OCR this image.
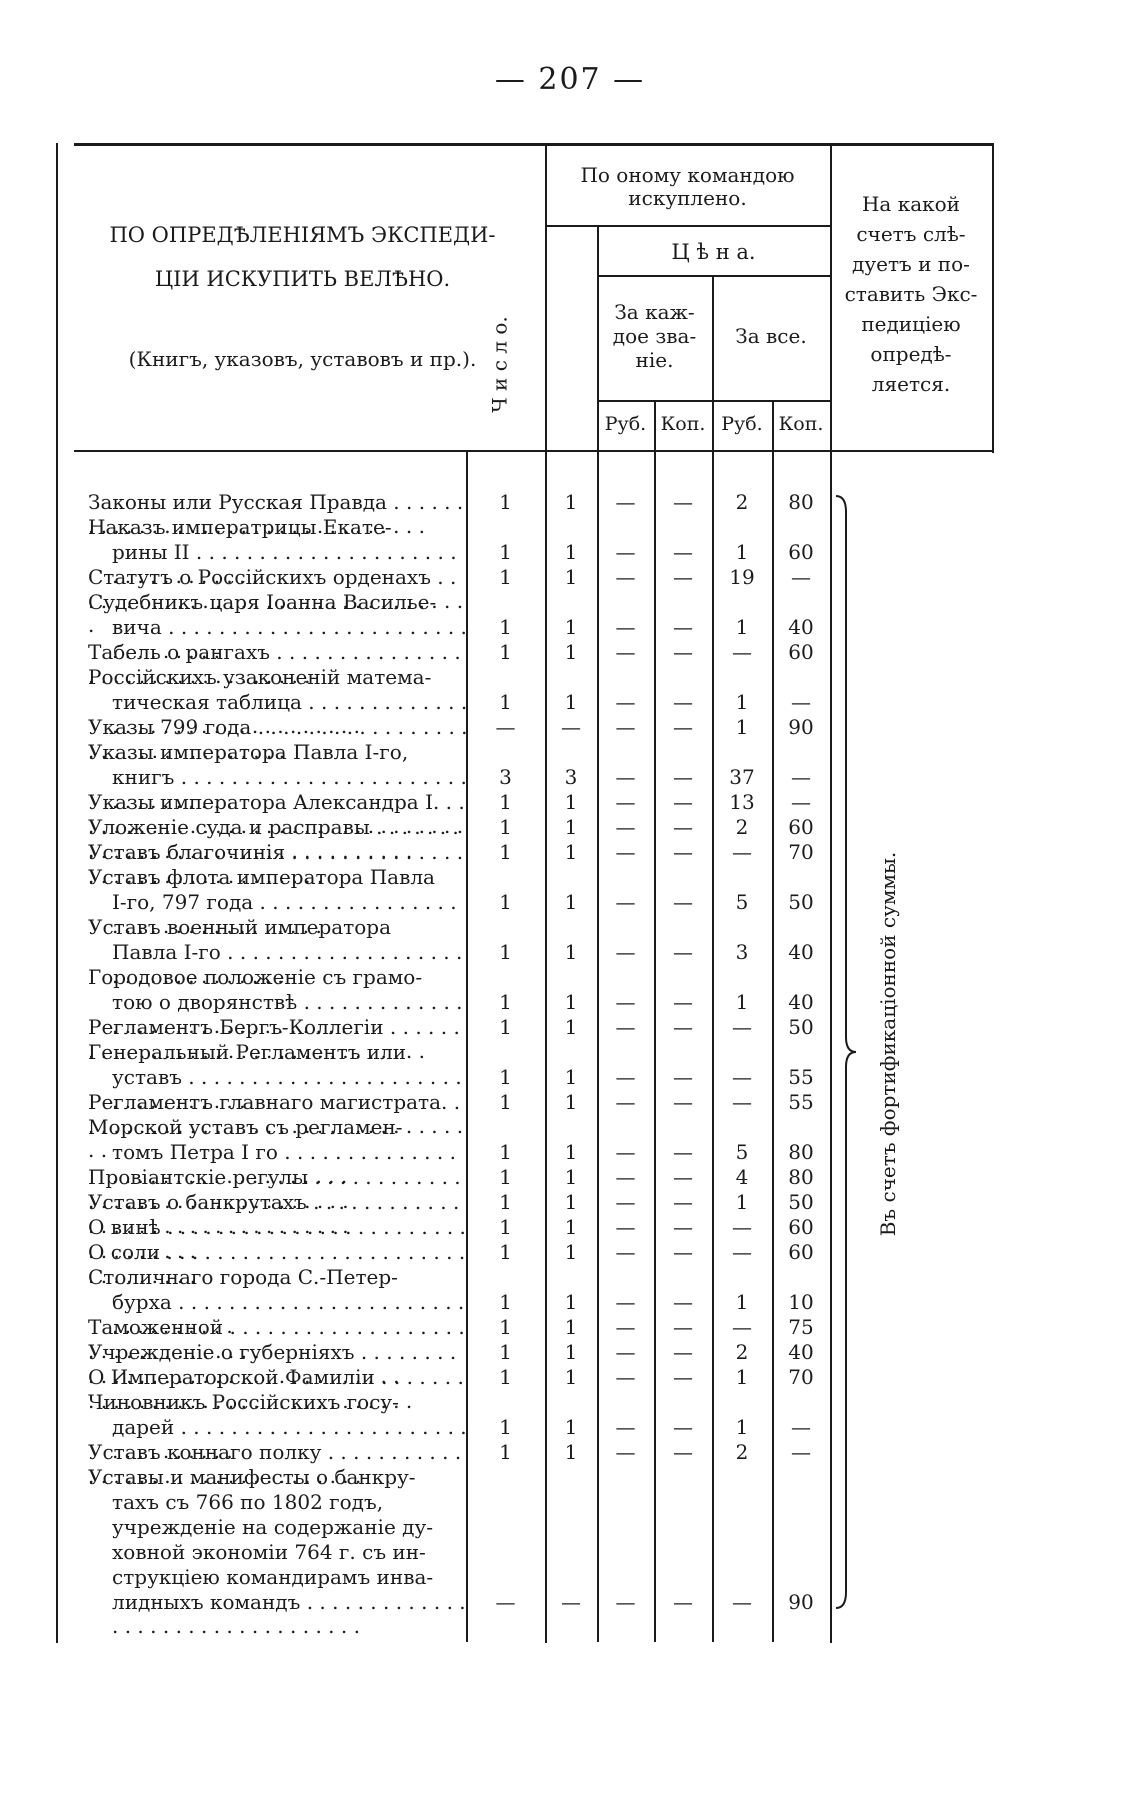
— 207 —
ПО ОПРЕДѢЛЕНІЯМЪ ЭКСПЕДИ-
ЦІИ ИСКУПИТЬ ВЕЛѢНО.
(Книгъ, указовъ, уставовъ и пр.).
По оному командою
искуплено.
Ч и с л о.
Ц ѣ н а.
За каж-
дое зва-
ніе.
За все.
Руб. Коп. Руб. Коп.
На какой
счетъ слѣ-
дуетъ и по-
ставить Экс-
педиціею
опредѣ-
ляется.
Въ счетъ фортификаціонной суммы.
Законы или Русская Правда . . .	1	1	—	—	2	80
Наказъ императрицы Екате-
рины II . . .	1	1	—	—	1	60
Статутъ о Россійскихъ орденахъ . . .	1	1	—	—	19	—
Судебникъ царя Іоанна Василье-
вича . . .	1	1	—	—	1	40
Табель о рангахъ . . .	1	1	—	—	—	60
Россійскихъ узаконеній матема-
тическая таблица . . .	1	1	—	—	1	—
Указы 799 года . . .	—	—	—	—	1	90
Указы императора Павла I-го,
книгъ . . .	3	3	—	—	37	—
Указы императора Александра I. . . .	1	1	—	—	13	—
Уложеніе суда и расправы . . .	1	1	—	—	2	60
Уставъ благочинія . . .	1	1	—	—	—	70
Уставъ флота императора Павла
I-го, 797 года . . .	1	1	—	—	5	50
Уставъ военный императора
Павла I-го . . .	1	1	—	—	3	40
Городовое положеніе съ грамо-
тою о дворянствѣ . . .	1	1	—	—	1	40
Регламентъ Бергъ-Коллегіи . . .	1	1	—	—	—	50
Генеральный Регламентъ или
уставъ . . .	1	1	—	—	—	55
Регламентъ главнаго магистрата. . . .	1	1	—	—	—	55
Морской уставъ съ регламен-
томъ Петра I го . . .	1	1	—	—	5	80
Провіантскіе регулы . . .	1	1	—	—	4	80
Уставъ о банкрутахъ . . .	1	1	—	—	1	50
О винѣ . . .	1	1	—	—	—	60
О соли . . .	1	1	—	—	—	60
Столичнаго города С.-Петер-
бурха . . .	1	1	—	—	1	10
Таможенной . . .	1	1	—	—	—	75
Учрежденіе о губерніяхъ . . .	1	1	—	—	2	40
О Императорской Фамиліи . . .	1	1	—	—	1	70
Чиновникъ Россійскихъ госу-
дарей . . .	1	1	—	—	1	—
Уставъ коннаго полку . . .	1	1	—	—	2	—
Уставы и манифесты о банкру-
тахъ съ 766 по 1802 годъ,
учрежденіе на содержаніе ду-
ховной экономіи 764 г. съ ин-
струкціею командирамъ инва-
лидныхъ командъ . . .	—	—	—	—	—	90
